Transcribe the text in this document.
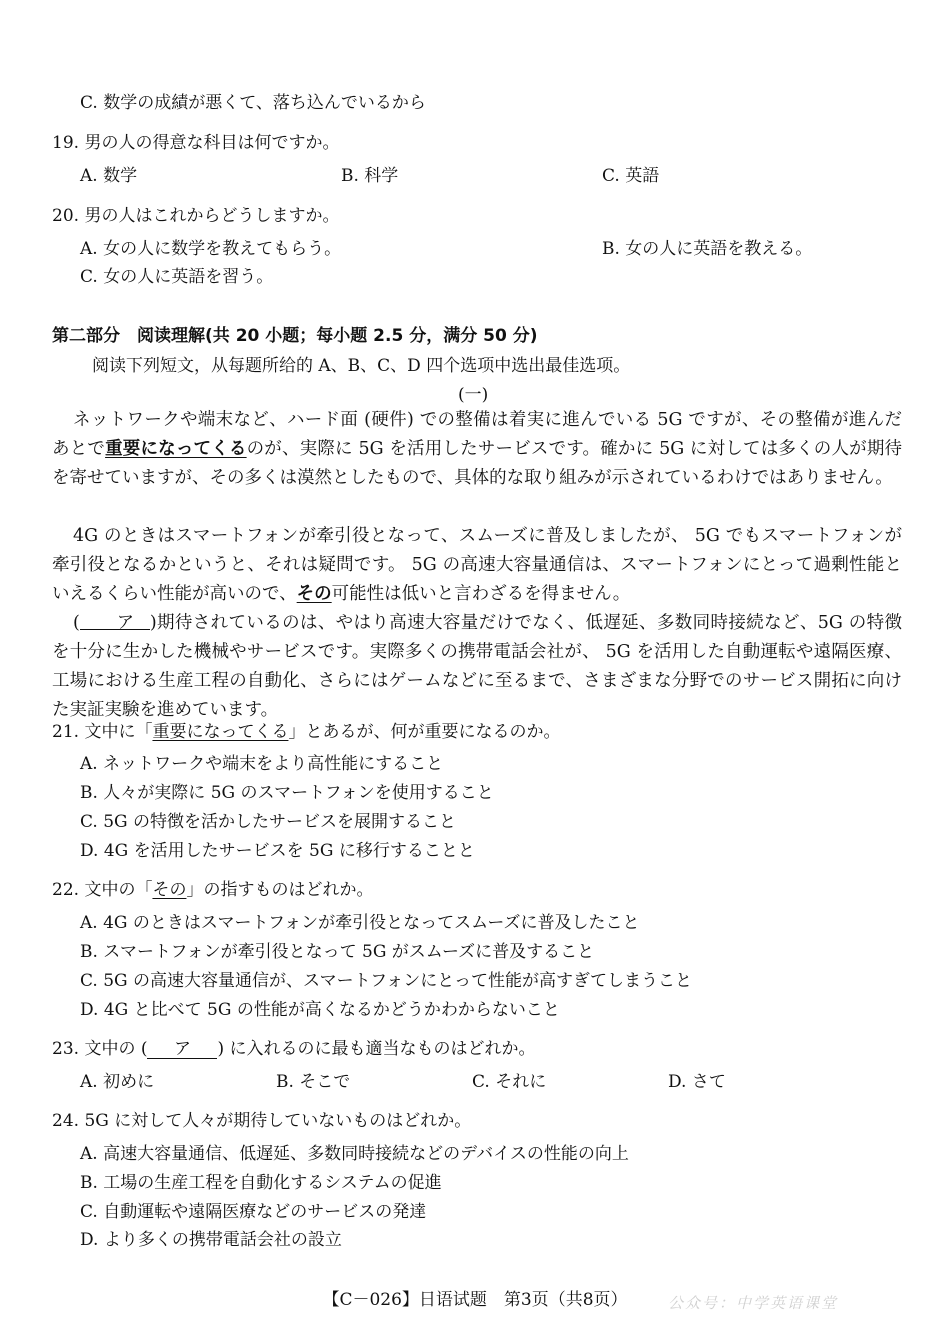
C. 数学の成績が悪くて、落ち込んでいるから
19. 男の人の得意な科目は何ですか。
A. 数学	B. 科学	C. 英語
20. 男の人はこれからどうしますか。
A. 女の人に数学を教えてもらう。	B. 女の人に英語を教える。
C. 女の人に英語を習う。
第二部分　阅读理解(共 20 小题；每小题 2.5 分，满分 50 分)
阅读下列短文，从每题所给的 A、B、C、D 四个选项中选出最佳选项。
(一)
ネットワークや端末など、ハード面 (硬件) での整備は着実に進んでいる 5G ですが、その整備が進んだあとで重要になってくるのが、実際に 5G を活用したサービスです。確かに 5G に対しては多くの人が期待を寄せていますが、その多くは漠然としたもので、具体的な取り組みが示されているわけではありません。
4G のときはスマートフォンが牽引役となって、スムーズに普及しましたが、 5G でもスマートフォンが牽引役となるかというと、それは疑問です。 5G の高速大容量通信は、スマートフォンにとって過剰性能といえるくらい性能が高いので、その可能性は低いと言わざるを得ません。
( ア )期待されているのは、やはり高速大容量だけでなく、低遅延、多数同時接続など、5G の特徴を十分に生かした機械やサービスです。実際多くの携帯電話会社が、 5G を活用した自動運転や遠隔医療、工場における生産工程の自動化、さらにはゲームなどに至るまで、さまざまな分野でのサービス開拓に向けた実証実験を進めています。
21. 文中に「重要になってくる」とあるが、何が重要になるのか。
A. ネットワークや端末をより高性能にすること
B. 人々が実際に 5G のスマートフォンを使用すること
C. 5G の特徴を活かしたサービスを展開すること
D. 4G を活用したサービスを 5G に移行することと
22. 文中の「その」の指すものはどれか。
A. 4G のときはスマートフォンが牽引役となってスムーズに普及したこと
B. スマートフォンが牽引役となって 5G がスムーズに普及すること
C. 5G の高速大容量通信が、スマートフォンにとって性能が高すぎてしまうこと
D. 4G と比べて 5G の性能が高くなるかどうかわからないこと
23. 文中の ( ア ) に入れるのに最も適当なものはどれか。
A. 初めに	B. そこで	C. それに	D. さて
24. 5G に対して人々が期待していないものはどれか。
A. 高速大容量通信、低遅延、多数同時接続などのデバイスの性能の向上
B. 工場の生産工程を自動化するシステムの促進
C. 自動運転や遠隔医療などのサービスの発達
D. より多くの携帯電話会社の設立
【C－026】日语试题　第3页（共8页）	公众号：中学英语课堂
